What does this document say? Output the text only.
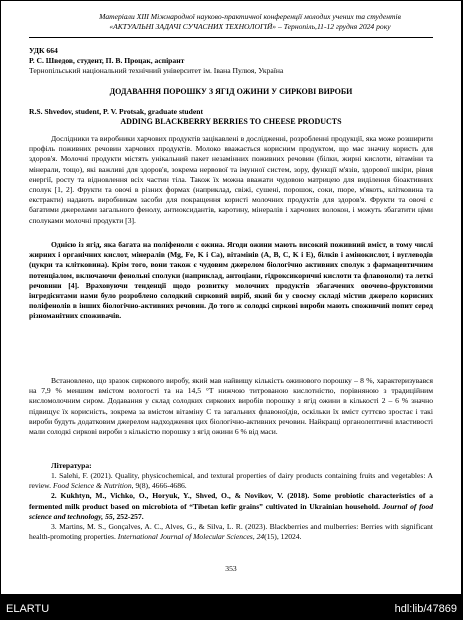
Матеріали ХІІІ Міжнародної науково-практичної конференції молодих учених та студентів
«АКТУАЛЬНІ ЗАДАЧІ СУЧАСНИХ ТЕХНОЛОГІЙ» – Тернопіль,11-12 грудня 2024 року
УДК 664
Р. С. Шведов, студент, П. В. Процак, аспірант
Тернопільський національний технічний університет ім. Івана Пулюя, Україна
ДОДАВАННЯ ПОРОШКУ З ЯГІД ОЖИНИ У СИРКОВІ ВИРОБИ
R.S. Shvedov, student, P. V. Protsak, graduate student
ADDING BLACKBERRY BERRIES TO CHEESE PRODUCTS
Дослідники та виробники харчових продуктів зацікавлені в дослідженні, розробленні продукції, яка може розширити профіль поживних речовин харчових продуктів. Молоко вважається корисним продуктом, що має значну користь для здоров'я. Молочні продукти містять унікальний пакет незамінних поживних речовин (білки, жирні кислоти, вітаміни та мінерали, тощо), які важливі для здоров'я, зокрема нервової та імунної систем, зору, функції м'язів, здорової шкіри, рівня енергії, росту та відновлення всіх частин тіла. Також їх можна вважати чудовою матрицею для виділення біоактивних сполук [1, 2]. Фрукти та овочі в різних формах (наприклад, свіжі, сушені, порошок, соки, пюре, м'якоть, клітковина та екстракти) надають виробникам засоби для покращення користі молочних продуктів для здоров'я. Фрукти та овочі є багатими джерелами загального фенолу, антиоксидантів, каротину, мінералів і харчових волокон, і можуть збагатити ціми сполуками молочні продукти [3].
Однією із ягід, яка багата на поліфеноли є ожина. Ягоди ожини мають високий поживний вміст, в тому числі жирних і органічних кислот, мінералів (Mg, Fe, K і Ca), вітамінів (A, B, C, K і E), білків і амінокислот, і вуглеводів (цукри та клітковина). Крім того, вони також є чудовим джерелом біологічно активних сполук з фармацевтичним потенціалом, включаючи фенольні сполуки (наприклад, антоціани, гідроксикоричні кислоти та флавоноли) та леткі речовини [4]. Враховуючи тенденції щодо розвитку молочних продуктів збагачених овочево-фруктовими інгредієнтами нами було розроблено солодкий сирковий виріб, який би у своєму складі містив джерело корисних поліфенолів в інших біологічно-активних речовин. До того ж солодкі сиркові вироби мають споживчий попит серед різноманітних споживачів.
Встановлено, що зразок сиркового виробу, який мав найвищу кількість ожинового порошку – 8 %, характеризувався на 7,9 % меншим вмістом вологості та на 14,5 °Т нижчою титрованою кислотністю, порівняною з традиційним кисломолочним сиром. Додавання у склад солодких сиркових виробів порошку з ягід ожини в кількості 2 – 6 % значно підвищує їх корисність, зокрема за вмістом вітаміну С та загальних флавоноїдів, оскільки їх вміст суттєво зростає і такі вироби будуть додатковим джерелом надходження цих біологічно-активних речовин. Найкращі органолептичні властивості мали солодкі сиркові вироби з кількістю порошку з ягід ожини 6 % від маси.
Література:

1. Salehi, F. (2021). Quality, physicochemical, and textural properties of dairy products containing fruits and vegetables: A review. Food Science & Nutrition, 9(8), 4666-4686.

2. Kukhtyn, M., Vichko, O., Horyuk, Y., Shved, O., & Novikov, V. (2018). Some probiotic characteristics of a fermented milk product based on microbiota of “Tibetan kefir grains” cultivated in Ukrainian household. Journal of food science and technology, 55, 252-257.

3. Martins, M. S., Gonçalves, A. C., Alves, G., & Silva, L. R. (2023). Blackberries and mulberries: Berries with significant health-promoting properties. International Journal of Molecular Sciences, 24(15), 12024.

353
ELARTU	hdl:lib/47869
